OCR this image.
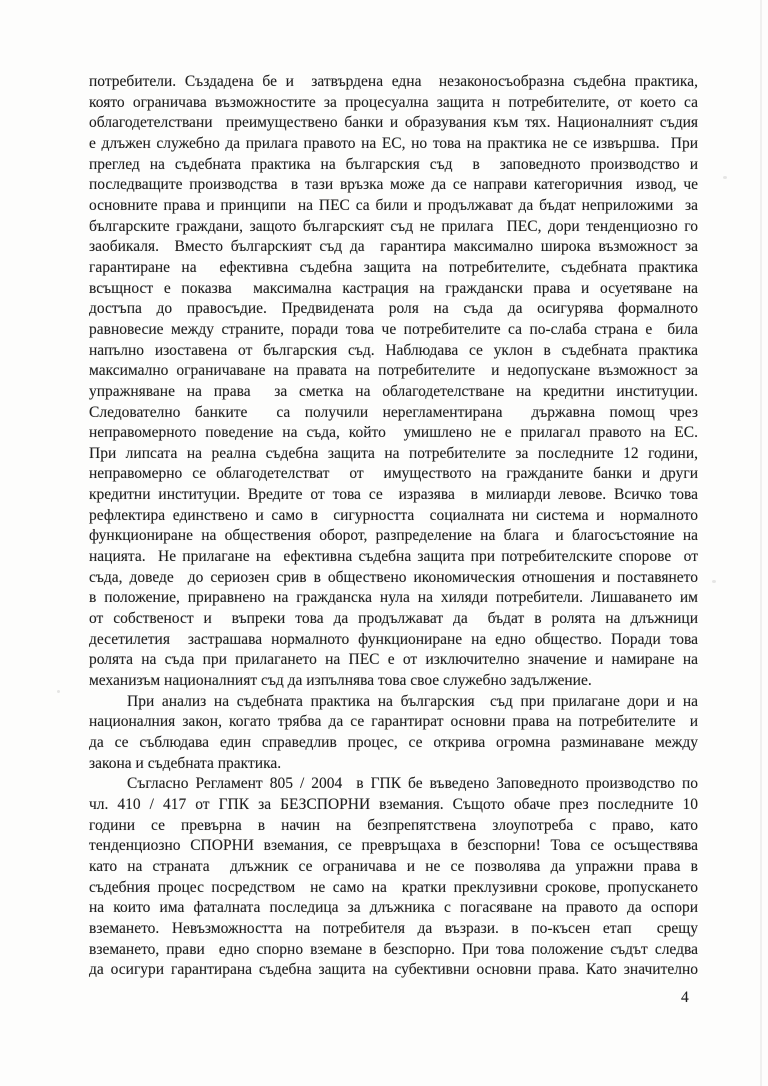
потребители. Създадена бе и  затвърдена една  незаконосъобразна съдебна практика,
която ограничава възможностите за процесуална защита н потребителите, от което са
облагодетелствани  преимуществено банки и образувания към тях. Националният съдия
е длъжен служебно да прилага правото на ЕС, но това на практика не се извършва.  При
преглед на съдебната практика на българския съд  в  заповедното производство и
последващите производства  в тази връзка може да се направи категоричния  извод, че
основните права и принципи  на ПЕС са били и продължават да бъдат неприложими  за
българските граждани, защото българският съд не прилага  ПЕС, дори тенденциозно го
заобикаля.  Вместо българският съд да  гарантира максимално широка възможност за
гарантиране на  ефективна съдебна защита на потребителите, съдебната практика
всъщност е показва  максимална кастрация на граждански права и осуетяване на
достъпа до правосъдие. Предвидената роля на съда да осигурява формалното
равновесие между страните, поради това че потребителите са по-слаба страна е  била
напълно изоставена от българския съд. Наблюдава се уклон в съдебната практика
максимално ограничаване на правата на потребителите  и недопускане възможност за
упражняване на права  за сметка на облагодетелстване на кредитни институции.
Следователно банките  са получили нерегламентирана  държавна помощ чрез
неправомерното поведение на съда, който  умишлено не е прилагал правото на ЕС.
При липсата на реална съдебна защита на потребителите за последните 12 години,
неправомерно се облагодетелстват  от  имуществото на гражданите банки и други
кредитни институции. Вредите от това се  изразява  в милиарди левове. Всичко това
рефлектира единствено и само в  сигурността  социалната ни система и  нормалното
функциониране на обществения оборот, разпределение на блага  и благосъстояние на
нацията.  Не прилагане на  ефективна съдебна защита при потребителските спорове  от
съда, доведе  до сериозен срив в обществено икономическия отношения и поставянето
в положение, приравнено на гражданска нула на хиляди потребители. Лишаването им
от собственост и  въпреки това да продължават да  бъдат в ролята на длъжници
десетилетия  застрашава нормалното функциониране на едно общество. Поради това
ролята на съда при прилагането на ПЕС е от изключително значение и намиране на
механизъм националният съд да изпълнява това свое служебно задължение.
При анализ на съдебната практика на българския  съд при прилагане дори и на
националния закон, когато трябва да се гарантират основни права на потребителите  и
да се съблюдава един справедлив процес, се открива огромна разминаване между
закона и съдебната практика.
Съгласно Регламент 805 / 2004  в ГПК бе въведено Заповедното производство по
чл. 410 / 417 от ГПК за БЕЗСПОРНИ вземания. Същото обаче през последните 10
години се превърна в начин на безпрепятствена злоупотреба с право, като
тенденциозно СПОРНИ вземания, се превръщаха в безспорни! Това се осъществява
като на страната  длъжник се ограничава и не се позволява да упражни права в
съдебния процес посредством  не само на  кратки преклузивни срокове, пропускането
на които има фаталната последица за длъжника с погасяване на правото да оспори
вземането. Невъзможността на потребителя да възрази. в по-късен етап  срещу
вземането, прави  едно спорно вземане в безспорно. При това положение съдът следва
да осигури гарантирана съдебна защита на субективни основни права. Като значително
4
